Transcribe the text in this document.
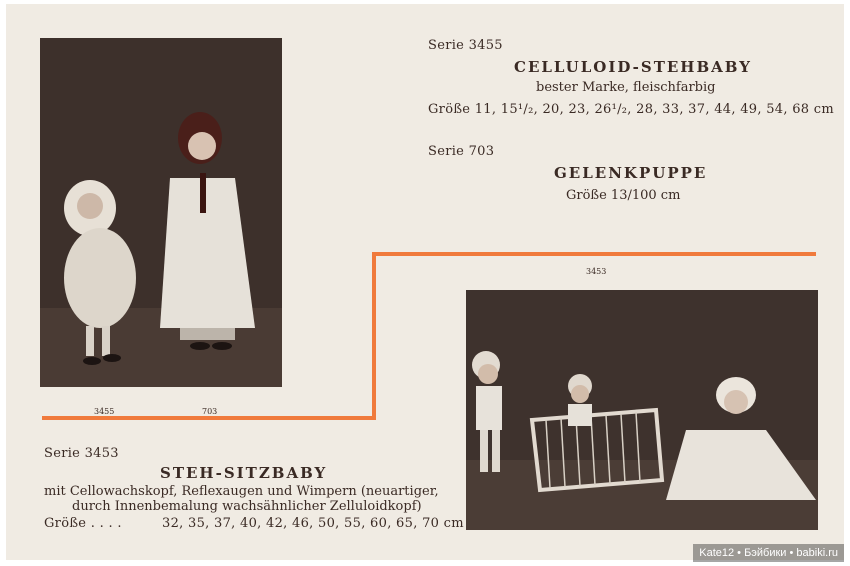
3455	703
Serie 3455
CELLULOID-STEHBABY
bester Marke, fleischfarbig
Größe 11, 15¹/₂, 20, 23, 26¹/₂, 28, 33, 37, 44, 49, 54, 68 cm
Serie 703
GELENKPUPPE
Größe 13/100 cm
3453
Serie 3453
STEH-SITZBABY
mit Cellowachskopf, Reflexaugen und Wimpern (neuartiger,
durch Innenbemalung wachsähnlicher Zelluloidkopf)
Größe . . . .	32, 35, 37, 40, 42, 46, 50, 55, 60, 65, 70 cm
Kate12 • Бэйбики • babiki.ru
